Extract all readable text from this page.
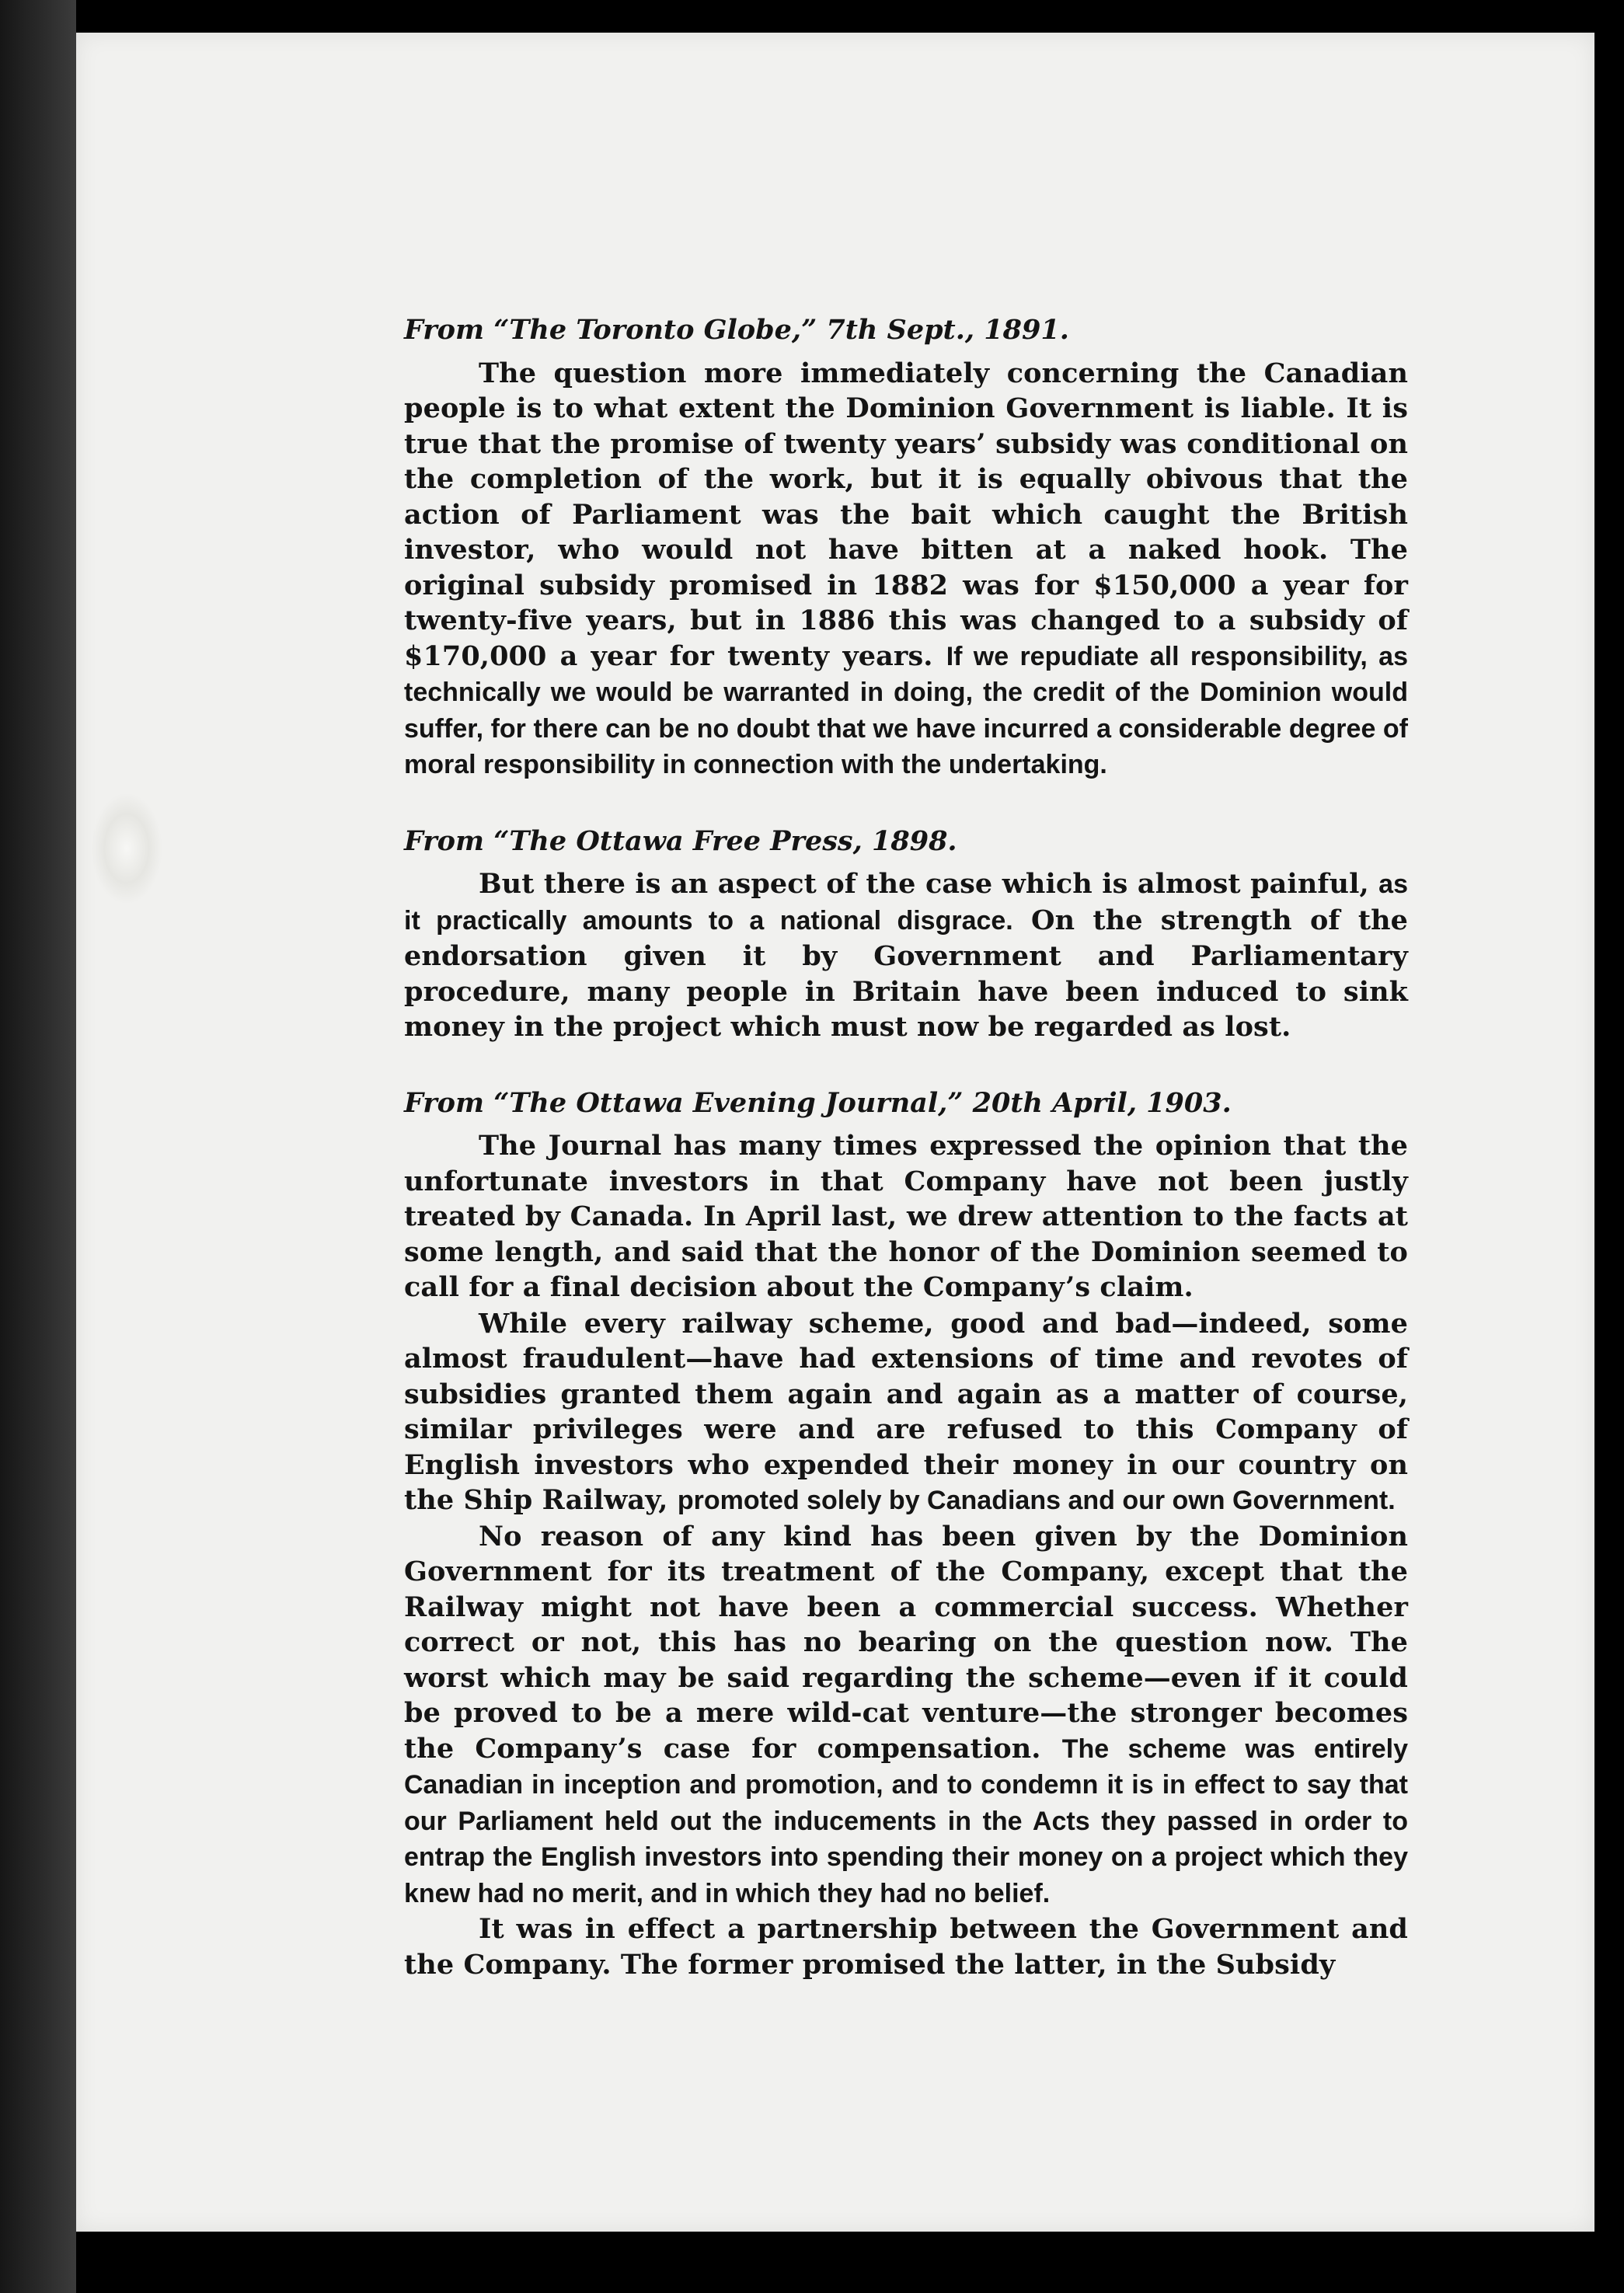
From “The Toronto Globe,” 7th Sept., 1891.

The question more immediately concerning the Canadian people is to what extent the Dominion Government is liable. It is true that the promise of twenty years’ subsidy was conditional on the completion of the work, but it is equally obivous that the action of Parliament was the bait which caught the British investor, who would not have bitten at a naked hook. The original subsidy promised in 1882 was for $150,000 a year for twenty-five years, but in 1886 this was changed to a subsidy of $170,000 a year for twenty years. If we repudiate all responsibility, as technically we would be warranted in doing, the credit of the Dominion would suffer, for there can be no doubt that we have incurred a considerable degree of moral responsibility in connection with the undertaking.

From “The Ottawa Free Press, 1898.

But there is an aspect of the case which is almost painful, as it practically amounts to a national disgrace. On the strength of the endorsation given it by Government and Parliamentary procedure, many people in Britain have been induced to sink money in the project which must now be regarded as lost.

From “The Ottawa Evening Journal,” 20th April, 1903.

The Journal has many times expressed the opinion that the unfortunate investors in that Company have not been justly treated by Canada. In April last, we drew attention to the facts at some length, and said that the honor of the Dominion seemed to call for a final decision about the Company’s claim.

While every railway scheme, good and bad—indeed, some almost fraudulent—have had extensions of time and revotes of subsidies granted them again and again as a matter of course, similar privileges were and are refused to this Company of English investors who expended their money in our country on the Ship Railway, promoted solely by Canadians and our own Government.

No reason of any kind has been given by the Dominion Government for its treatment of the Company, except that the Railway might not have been a commercial success. Whether correct or not, this has no bearing on the question now. The worst which may be said regarding the scheme—even if it could be proved to be a mere wild-cat venture—the stronger becomes the Company’s case for compensation. The scheme was entirely Canadian in inception and promotion, and to condemn it is in effect to say that our Parliament held out the inducements in the Acts they passed in order to entrap the English investors into spending their money on a project which they knew had no merit, and in which they had no belief.

It was in effect a partnership between the Government and the Company. The former promised the latter, in the Subsidy
